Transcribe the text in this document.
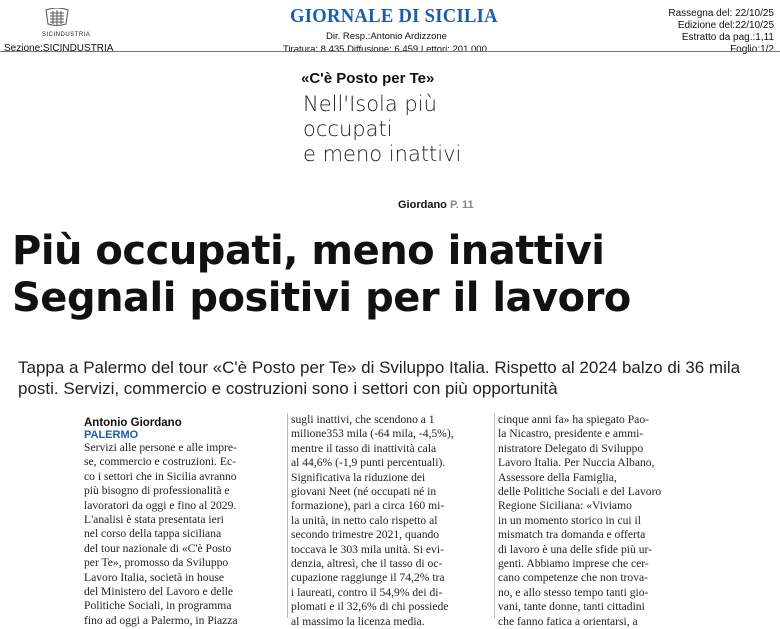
SICINDUSTRIA
Sezione:SICINDUSTRIA
GIORNALE DI SICILIA
Dir. Resp.:Antonio Ardizzone
Tiratura: 8.435 Diffusione: 6.459 Lettori: 201.000
Rassegna del: 22/10/25
Edizione del:22/10/25
Estratto da pag.:1,11
Foglio:1/2
«C'è Posto per Te»
Nell'Isola più
occupati
e meno inattivi
Giordano P. 11
Più occupati, meno inattivi
Segnali positivi per il lavoro
Tappa a Palermo del tour «C'è Posto per Te» di Sviluppo Italia. Rispetto al 2024 balzo di 36 mila posti. Servizi, commercio e costruzioni sono i settori con più opportunità
Antonio Giordano
PALERMO
Servizi alle persone e alle impre-
se, commercio e costruzioni. Ec-
co i settori che in Sicilia avranno
più bisogno di professionalità e
lavoratori da oggi e fino al 2029.
L'analisi è stata presentata ieri
nel corso della tappa siciliana
del tour nazionale di «C'è Posto
per Te», promosso da Sviluppo
Lavoro Italia, società in house
del Ministero del Lavoro e delle
Politiche Sociali, in programma
fino ad oggi a Palermo, in Piazza
sugli inattivi, che scendono a 1
milione353 mila (-64 mila, -4,5%),
mentre il tasso di inattività cala
al 44,6% (-1,9 punti percentuali).
Significativa la riduzione dei
giovani Neet (né occupati né in
formazione), pari a circa 160 mi-
la unità, in netto calo rispetto al
secondo trimestre 2021, quando
toccava le 303 mila unità. Si evi-
denzia, altresì, che il tasso di oc-
cupazione raggiunge il 74,2% tra
i laureati, contro il 54,9% dei di-
plomati e il 32,6% di chi possiede
al massimo la licenza media.
cinque anni fa» ha spiegato Pao-
la Nicastro, presidente e ammi-
nistratore Delegato di Sviluppo
Lavoro Italia. Per Nuccia Albano,
Assessore della Famiglia,
delle Politiche Sociali e del Lavoro
Regione Siciliana: «Viviamo
in un momento storico in cui il
mismatch tra domanda e offerta
di lavoro è una delle sfide più ur-
genti. Abbiamo imprese che cer-
cano competenze che non trova-
no, e allo stesso tempo tanti gio-
vani, tante donne, tanti cittadini
che fanno fatica a orientarsi, a
